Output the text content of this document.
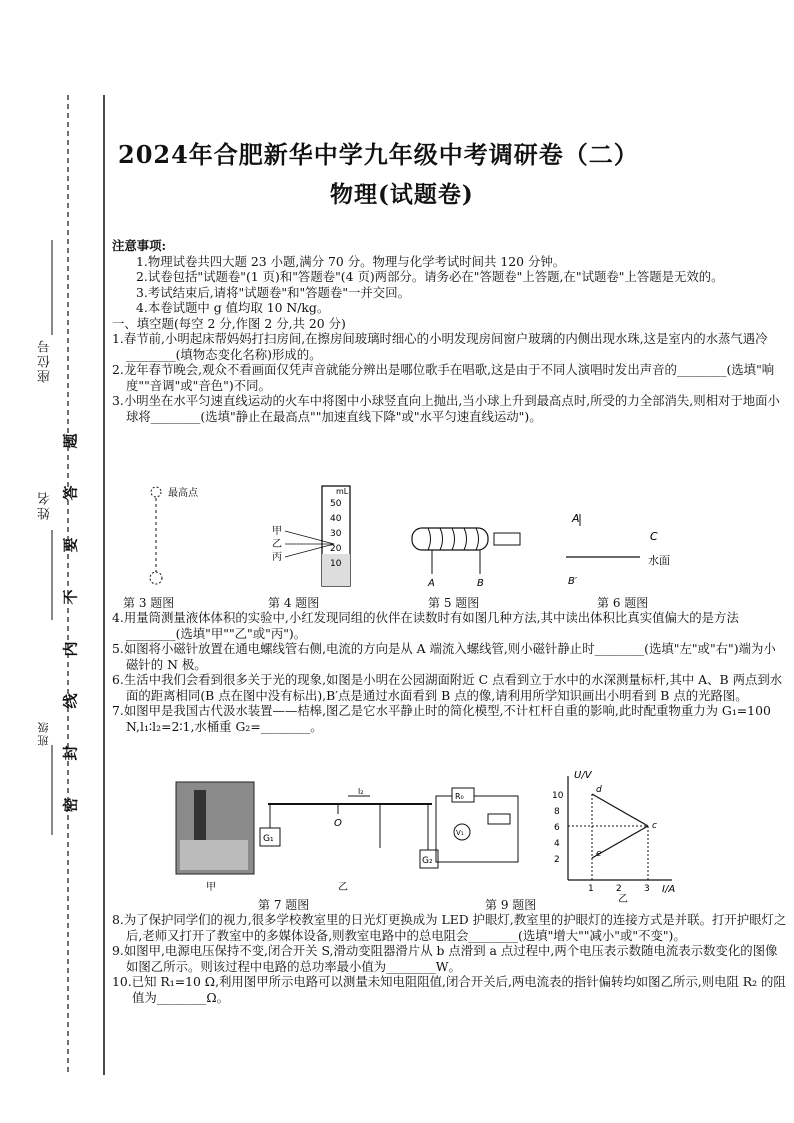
座位号
姓名
班级
题
答
要
不
内
线
封
密
2024年合肥新华中学九年级中考调研卷（二）
物理(试题卷)

注意事项:

1.物理试卷共四大题 23 小题,满分 70 分。物理与化学考试时间共 120 分钟。

2.试卷包括"试题卷"(1 页)和"答题卷"(4 页)两部分。请务必在"答题卷"上答题,在"试题卷"上答题是无效的。

3.考试结束后,请将"试题卷"和"答题卷"一并交回。

4.本卷试题中 g 值均取 10 N/kg。

一、填空题(每空 2 分,作图 2 分,共 20 分)

1.春节前,小明起床帮妈妈打扫房间,在擦房间玻璃时细心的小明发现房间窗户玻璃的内侧出现水珠,这是室内的水蒸气遇冷________(填物态变化名称)形成的。

2.龙年春节晚会,观众不看画面仅凭声音就能分辨出是哪位歌手在唱歌,这是由于不同人演唱时发出声音的________(选填"响度""音调"或"音色")不同。

3.小明坐在水平匀速直线运动的火车中将图中小球竖直向上抛出,当小球上升到最高点时,所受的力全部消失,则相对于地面小球将________(选填"静止在最高点""加速直线下降"或"水平匀速直线运动")。

最高点	mL
50
40
30
20
10
甲
乙
丙
A	B
A
C
水面
B′
第 3 题图	第 4 题图	第 5 题图	第 6 题图

4.用量筒测量液体体积的实验中,小红发现同组的伙伴在读数时有如图几种方法,其中读出体积比真实值偏大的是方法________(选填"甲""乙"或"丙")。

5.如图将小磁针放置在通电螺线管右侧,电流的方向是从 A 端流入螺线管,则小磁针静止时________(选填"左"或"右")端为小磁针的 N 极。

6.生活中我们会看到很多关于光的现象,如图是小明在公园湖面附近 C 点看到立于水中的水深测量标杆,其中 A、B 两点到水面的距离相同(B 点在图中没有标出),B′点是通过水面看到 B 点的像,请利用所学知识画出小明看到 B 点的光路图。

7.如图甲是我国古代汲水装置——桔槔,图乙是它水平静止时的简化模型,不计杠杆自重的影响,此时配重物重力为 G₁=100 N,l₁∶l₂=2∶1,水桶重 G₂=________。

甲
G₁
O
l₂
G₂
乙
R₀
V₁
U/V
I/A
10
8
6
4
2
1 2 3
d
c
e
乙
第 7 题图	第 9 题图

8.为了保护同学们的视力,很多学校教室里的日光灯更换成为 LED 护眼灯,教室里的护眼灯的连接方式是并联。打开护眼灯之后,老师又打开了教室中的多媒体设备,则教室电路中的总电阻会________(选填"增大""减小"或"不变")。

9.如图甲,电源电压保持不变,闭合开关 S,滑动变阻器滑片从 b 点滑到 a 点过程中,两个电压表示数随电流表示数变化的图像如图乙所示。则该过程中电路的总功率最小值为________W。

10.已知 R₁=10 Ω,利用图甲所示电路可以测量未知电阻阻值,闭合开关后,两电流表的指针偏转均如图乙所示,则电阻 R₂ 的阻值为________Ω。
